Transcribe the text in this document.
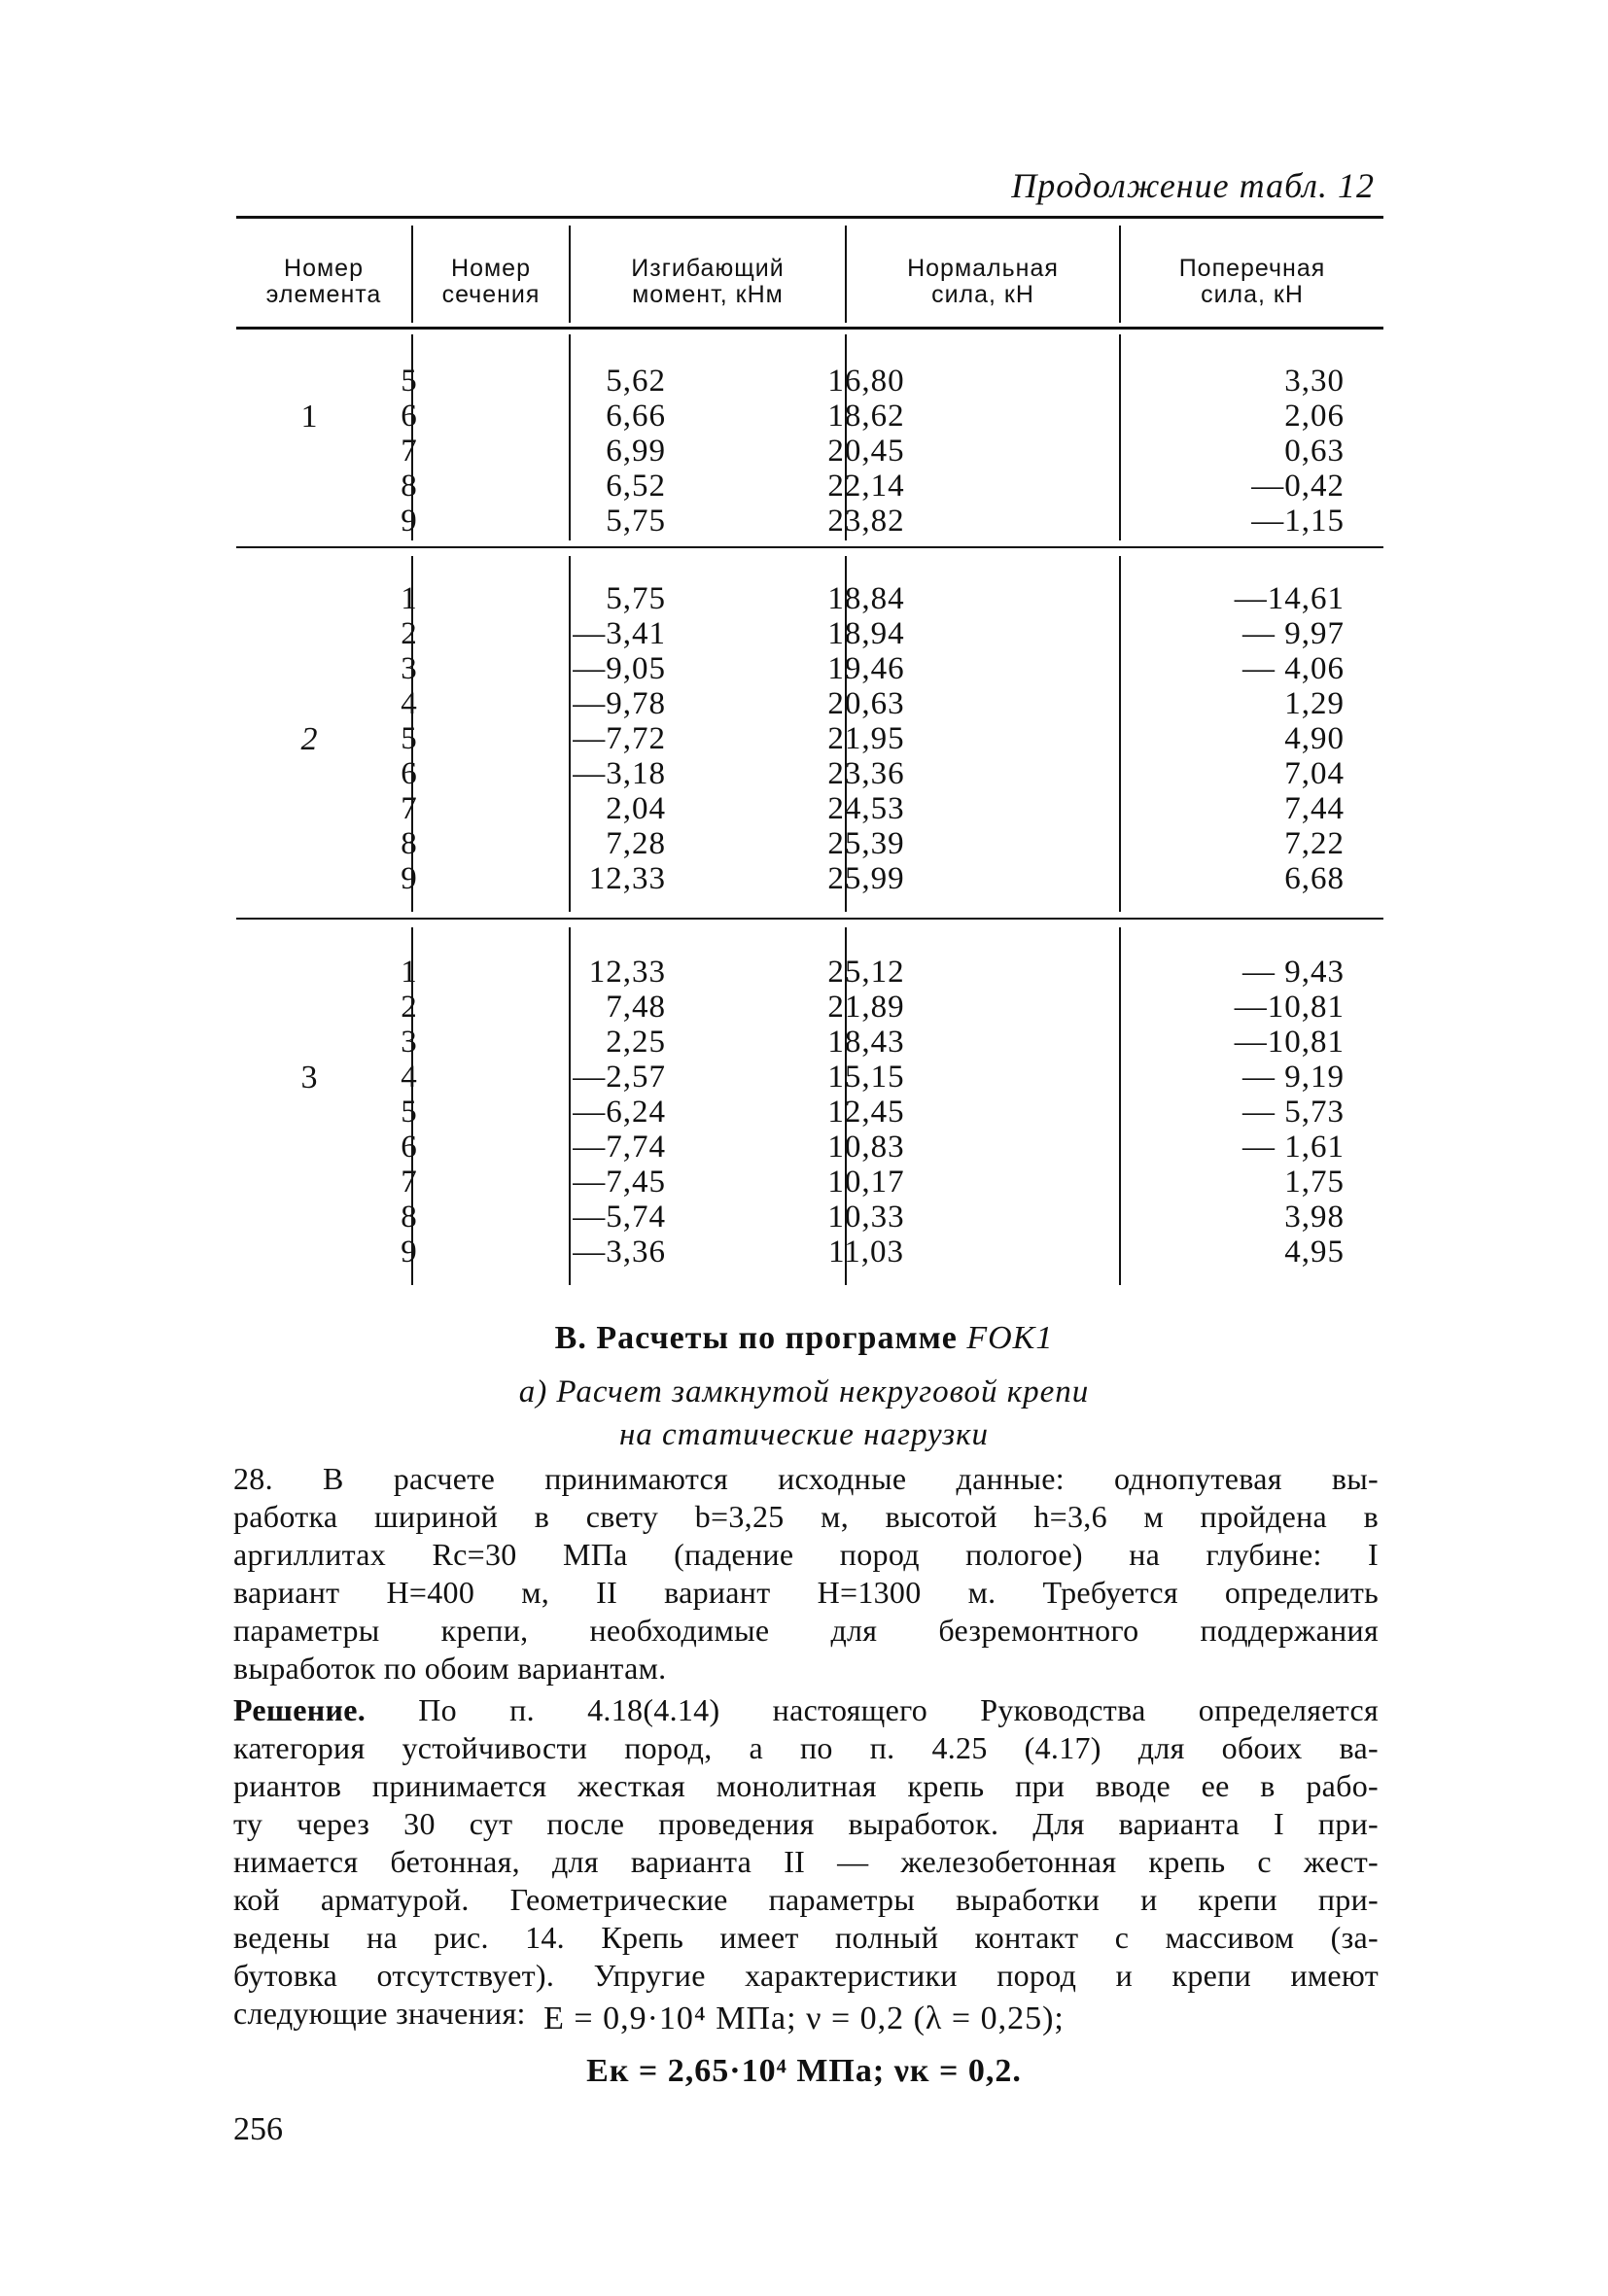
Продолжение табл. 12
Номер
элемента
Номер
сечения
Изгибающий
момент, кНм
Нормальная
сила, кН
Поперечная
сила, кН
1
5
6
7
8
9
5,62
6,66
6,99
6,52
5,75
16,80
18,62
20,45
22,14
23,82
3,30
2,06
0,63
—0,42
—1,15
2
1
2
3
4
5
6
7
8
9
5,75
—3,41
—9,05
—9,78
—7,72
—3,18
2,04
7,28
12,33
18,84
18,94
19,46
20,63
21,95
23,36
24,53
25,39
25,99
—14,61
— 9,97
— 4,06
1,29
4,90
7,04
7,44
7,22
6,68
3
1
2
3
4
5
6
7
8
9
12,33
7,48
2,25
—2,57
—6,24
—7,74
—7,45
—5,74
—3,36
25,12
21,89
18,43
15,15
12,45
10,83
10,17
10,33
11,03
— 9,43
—10,81
—10,81
— 9,19
— 5,73
— 1,61
1,75
3,98
4,95
В. Расчеты по программе FOK1
а) Расчет замкнутой некруговой крепи
на статические нагрузки
28. В расчете принимаются исходные данные: однопутевая вы-
работка шириной в свету b=3,25 м, высотой h=3,6 м пройдена в
аргиллитах Rc=30 МПа (падение пород пологое) на глубине: I
вариант H=400 м, II вариант H=1300 м. Требуется определить
параметры крепи, необходимые для безремонтного поддержания
выработок по обоим вариантам.
Решение. По п. 4.18(4.14) настоящего Руководства определяется
категория устойчивости пород, а по п. 4.25 (4.17) для обоих ва-
риантов принимается жесткая монолитная крепь при вводе ее в рабо-
ту через 30 сут после проведения выработок. Для варианта I при-
нимается бетонная, для варианта II — железобетонная крепь с жест-
кой арматурой. Геометрические параметры выработки и крепи при-
ведены на рис. 14. Крепь имеет полный контакт с массивом (за-
бутовка отсутствует). Упругие характеристики пород и крепи имеют
следующие значения: E = 0,9·10⁴ МПа; ν = 0,2 (λ = 0,25);
Eк = 2,65·10⁴ МПа; νк = 0,2.
256
